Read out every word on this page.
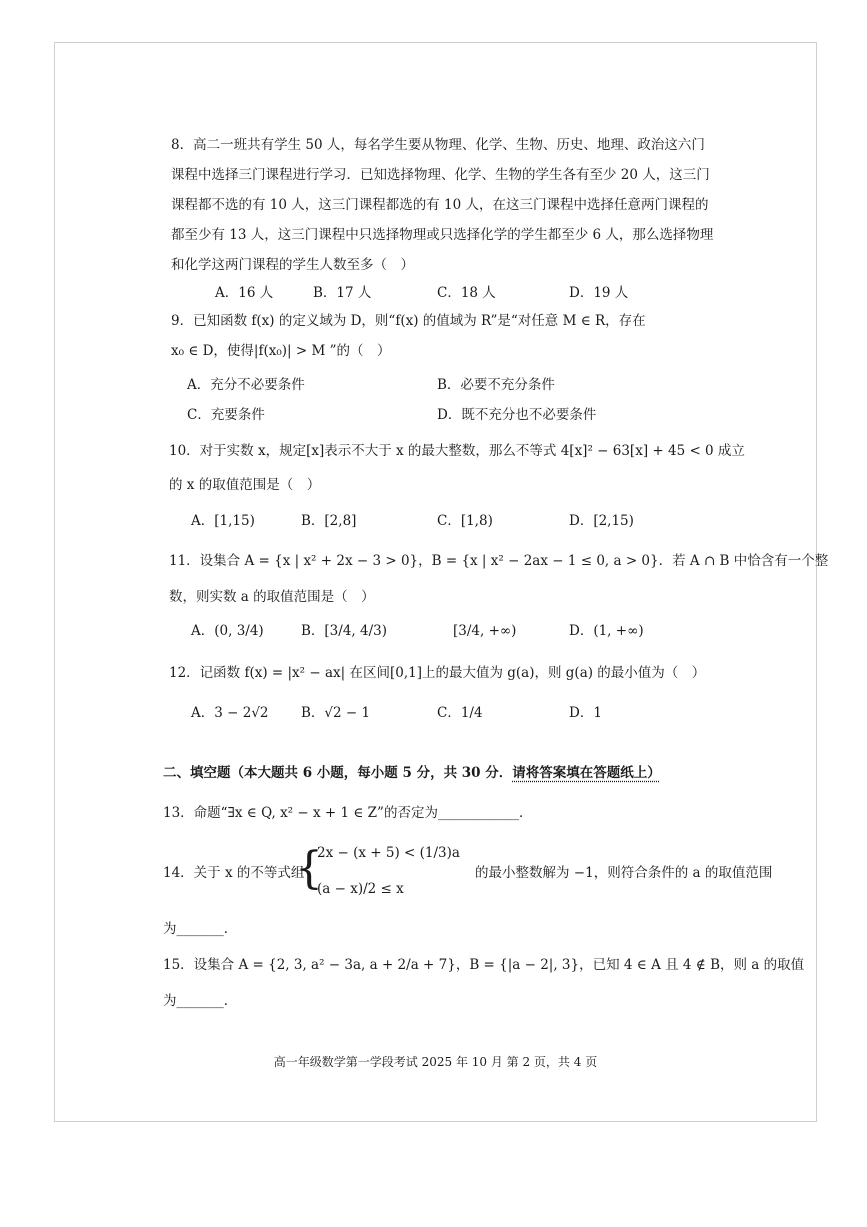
8．高二一班共有学生 50 人，每名学生要从物理、化学、生物、历史、地理、政治这六门
课程中选择三门课程进行学习．已知选择物理、化学、生物的学生各有至少 20 人，这三门
课程都不选的有 10 人，这三门课程都选的有 10 人，在这三门课程中选择任意两门课程的
都至少有 13 人，这三门课程中只选择物理或只选择化学的学生都至少 6 人，那么选择物理
和化学这两门课程的学生人数至多（　）
A．16 人	B．17 人	C．18 人	D．19 人
9．已知函数 f(x) 的定义域为 D，则“f(x) 的值域为 R”是“对任意 M ∈ R，存在
x₀ ∈ D，使得|f(x₀)| > M ”的（　）
A．充分不必要条件	B．必要不充分条件
C．充要条件	D．既不充分也不必要条件
10．对于实数 x，规定[x]表示不大于 x 的最大整数，那么不等式 4[x]² − 63[x] + 45 < 0 成立
的 x 的取值范围是（　）
A．[1,15)	B．[2,8]	C．[1,8)	D．[2,15)
11．设集合 A = {x | x² + 2x − 3 > 0}，B = {x | x² − 2ax − 1 ≤ 0, a > 0}．若 A ∩ B 中恰含有一个整
数，则实数 a 的取值范围是（　）
A．(0, 3/4)	B．[3/4, 4/3)	[3/4, +∞)	D．(1, +∞)
12．记函数 f(x) = |x² − ax| 在区间[0,1]上的最大值为 g(a)，则 g(a) 的最小值为（　）
A．3 − 2√2 B．√2 − 1	C．1/4	D．1
二、填空题（本大题共 6 小题，每小题 5 分，共 30 分．请将答案填在答题纸上）
13．命题“∃x ∈ Q, x² − x + 1 ∈ Z”的否定为____________．
14．关于 x 的不等式组
{
2x − (x + 5) < (1/3)a
(a − x)/2 ≤ x
的最小整数解为 −1，则符合条件的 a 的取值范围
为_______．
15．设集合 A = {2, 3, a² − 3a, a + 2/a + 7}，B = {|a − 2|, 3}，已知 4 ∈ A 且 4 ∉ B，则 a 的取值
为_______．
高一年级数学第一学段考试 2025 年 10 月 第 2 页，共 4 页
